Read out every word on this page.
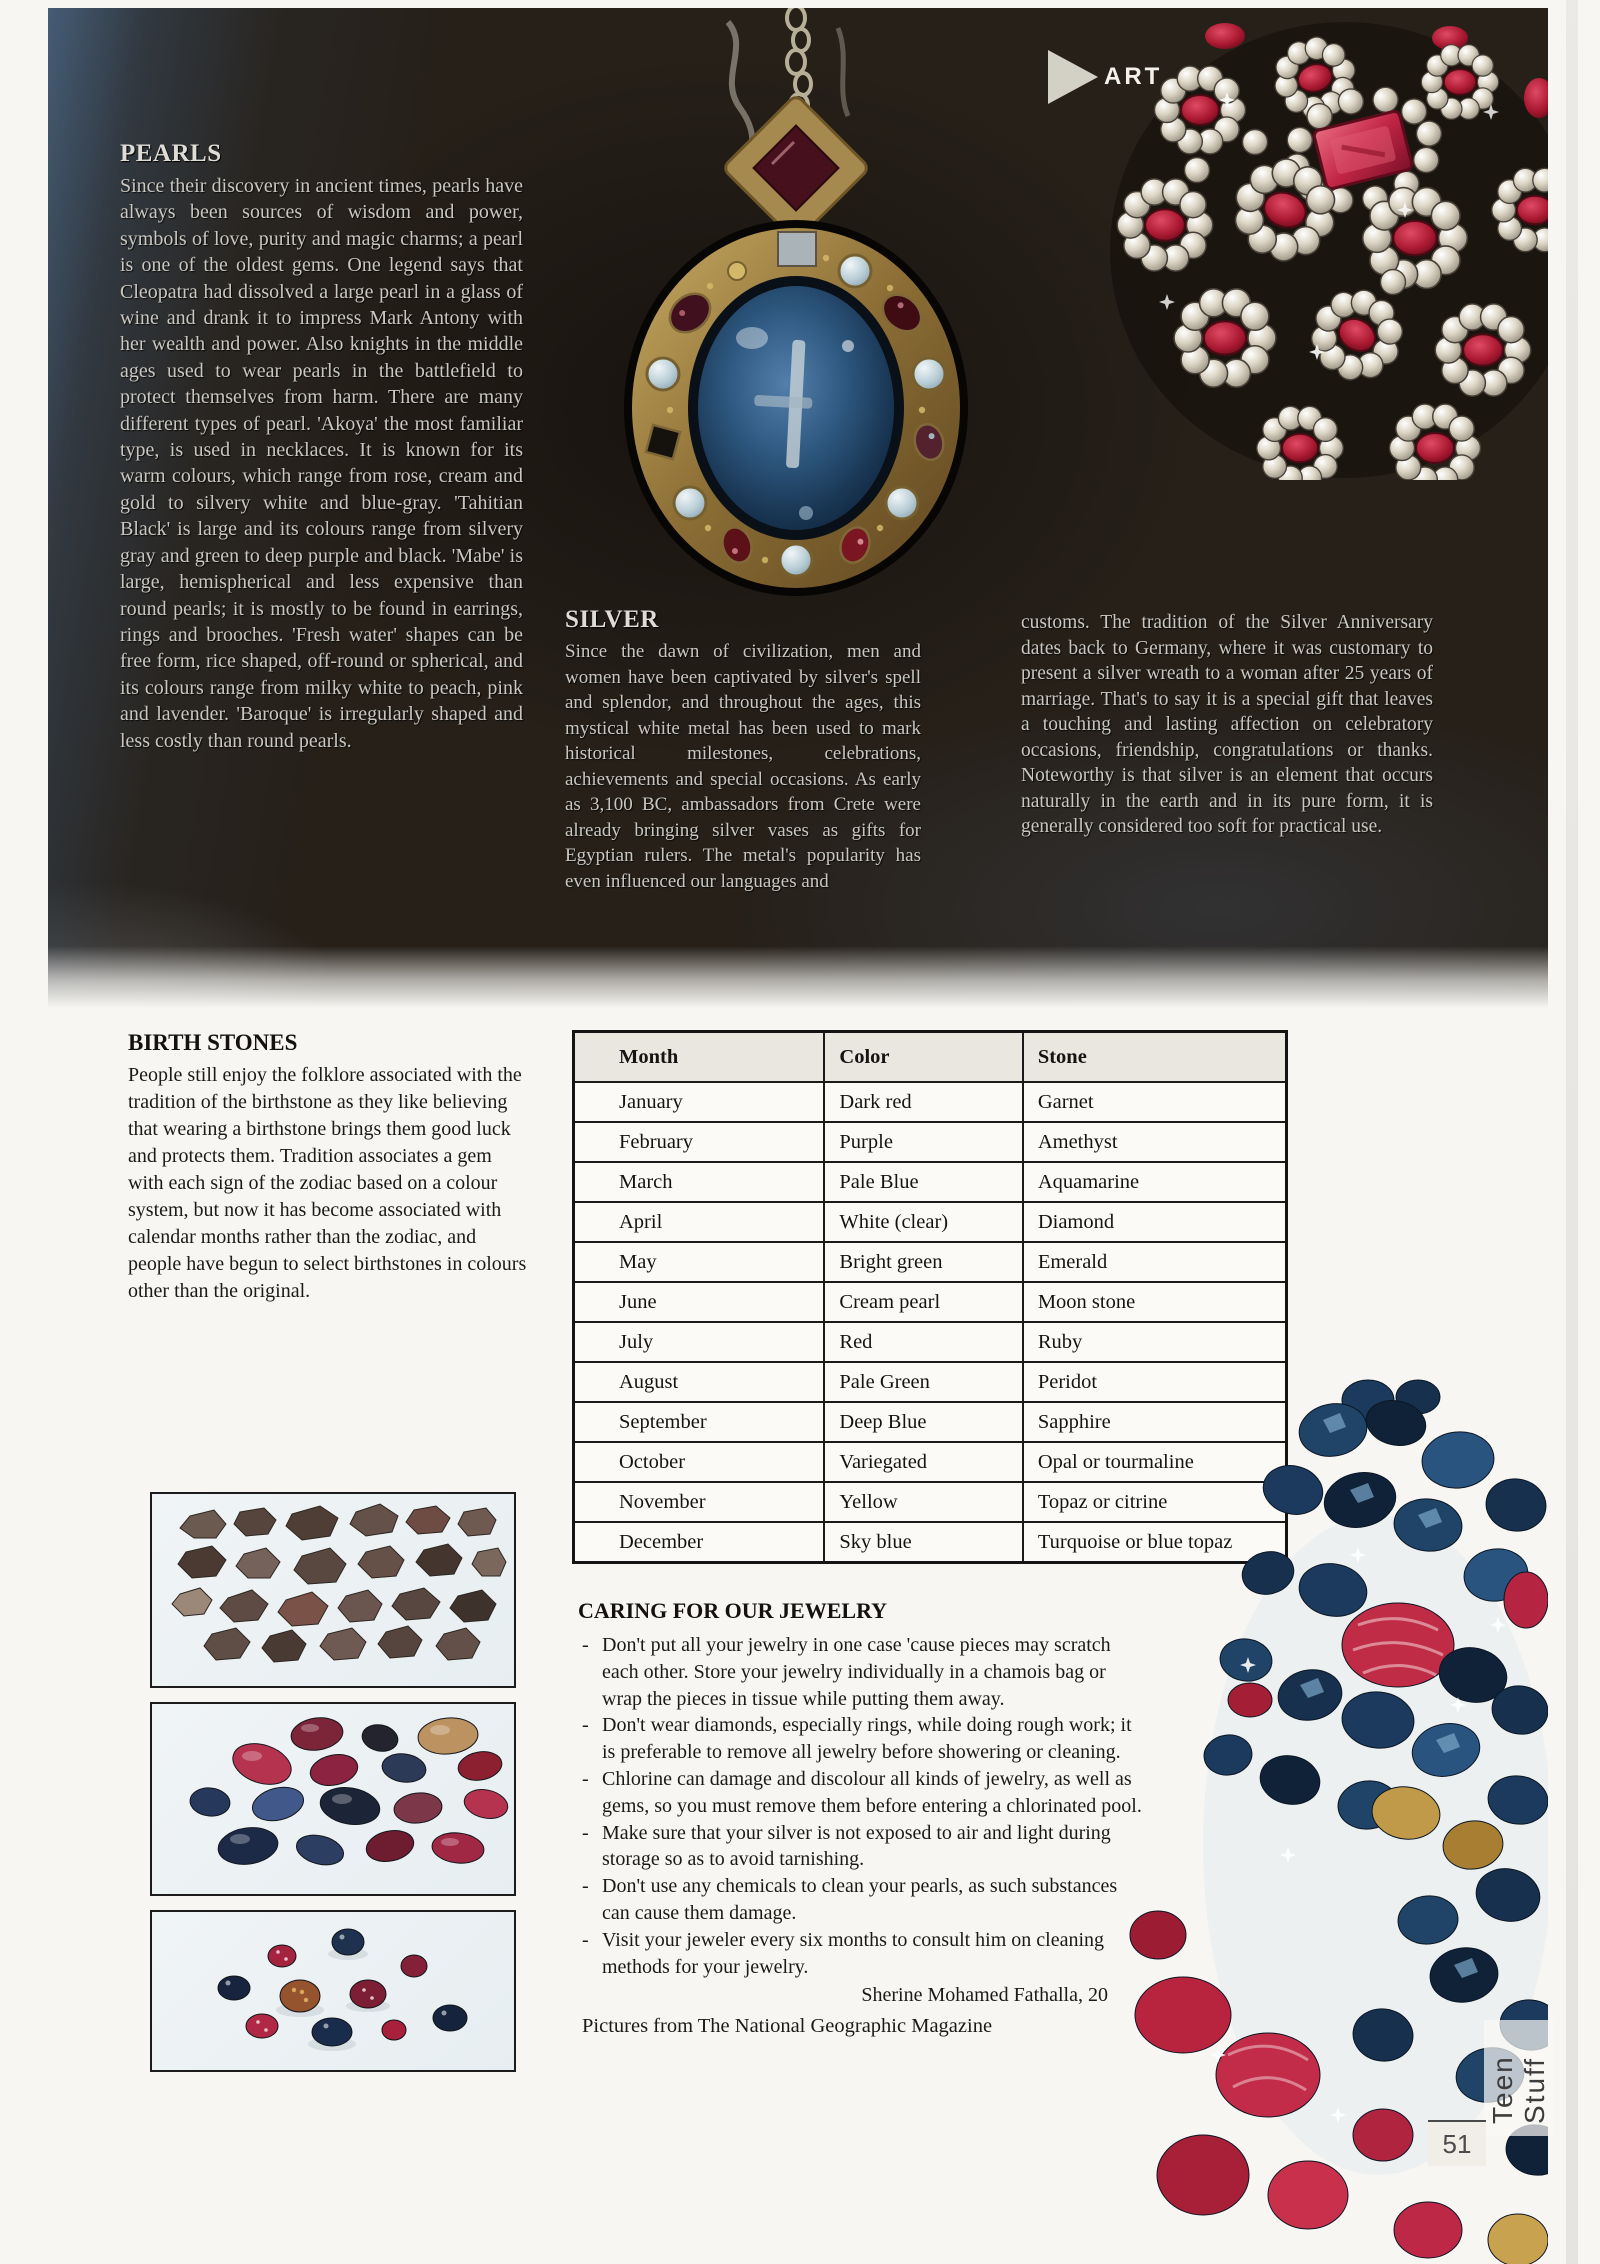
ART
PEARLS

Since their discovery in ancient times, pearls have always been sources of wisdom and power, symbols of love, purity and magic charms; a pearl is one of the oldest gems. One legend says that Cleopatra had dissolved a large pearl in a glass of wine and drank it to impress Mark Antony with her wealth and power. Also knights in the middle ages used to wear pearls in the battlefield to protect themselves from harm. There are many different types of pearl. 'Akoya' the most familiar type, is used in necklaces. It is known for its warm colours, which range from rose, cream and gold to silvery white and blue-gray. 'Tahitian Black' is large and its colours range from silvery gray and green to deep purple and black. 'Mabe' is large, hemispherical and less expensive than round pearls; it is mostly to be found in earrings, rings and brooches. 'Fresh water' shapes can be free form, rice shaped, off-round or spherical, and its colours range from milky white to peach, pink and lavender. 'Baroque' is irregularly shaped and less costly than round pearls.

SILVER

Since the dawn of civilization, men and women have been captivated by silver's spell and splendor, and throughout the ages, this mystical white metal has been used to mark historical milestones, celebrations, achievements and special occasions. As early as 3,100 BC, ambassadors from Crete were already bringing silver vases as gifts for Egyptian rulers. The metal's popularity has even influenced our languages and

customs. The tradition of the Silver Anniversary dates back to Germany, where it was customary to present a silver wreath to a woman after 25 years of marriage. That's to say it is a special gift that leaves a touching and lasting affection on celebratory occasions, friendship, congratulations or thanks. Noteworthy is that silver is an element that occurs naturally in the earth and in its pure form, it is generally considered too soft for practical use.

BIRTH STONES

People still enjoy the folklore associated with the tradition of the birthstone as they like believing that wearing a birthstone brings them good luck and protects them. Tradition associates a gem with each sign of the zodiac based on a colour system, but now it has become associated with calendar months rather than the zodiac, and people have begun to select birthstones in colours other than the original.

Month	Color	Stone
January	Dark red	Garnet
February	Purple	Amethyst
March	Pale Blue	Aquamarine
April	White (clear)	Diamond
May	Bright green	Emerald
June	Cream pearl	Moon stone
July	Red	Ruby
August	Pale Green	Peridot
September	Deep Blue	Sapphire
October	Variegated	Opal or tourmaline
November	Yellow	Topaz or citrine
December	Sky blue	Turquoise or blue topaz
CARING FOR OUR JEWELRY

- Don't put all your jewelry in one case 'cause pieces may scratch each other. Store your jewelry individually in a chamois bag or wrap the pieces in tissue while putting them away.

- Don't wear diamonds, especially rings, while doing rough work; it is preferable to remove all jewelry before showering or cleaning.

- Chlorine can damage and discolour all kinds of jewelry, as well as gems, so you must remove them before entering a chlorinated pool.

- Make sure that your silver is not exposed to air and light during storage so as to avoid tarnishing.

- Don't use any chemicals to clean your pearls, as such substances can cause them damage.

- Visit your jeweler every six months to consult him on cleaning methods for your jewelry.

Sherine Mohamed Fathalla, 20

Pictures from The National Geographic Magazine

Teen Stuff
51
